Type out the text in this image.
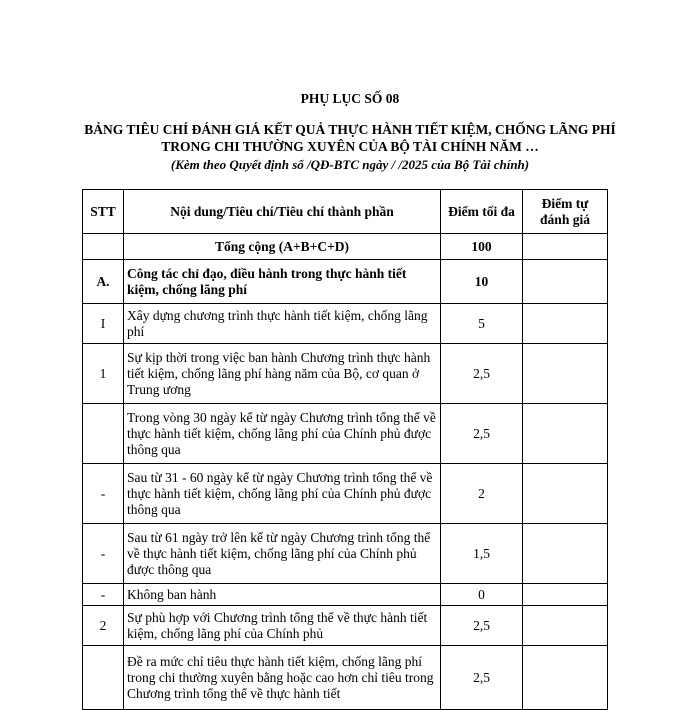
PHỤ LỤC SỐ 08
BẢNG TIÊU CHÍ ĐÁNH GIÁ KẾT QUẢ THỰC HÀNH TIẾT KIỆM, CHỐNG LÃNG PHÍ TRONG CHI THƯỜNG XUYÊN CỦA BỘ TÀI CHÍNH NĂM …
(Kèm theo Quyết định số /QĐ-BTC ngày / /2025 của Bộ Tài chính)
STT	Nội dung/Tiêu chí/Tiêu chí thành phần	Điểm tối đa	Điểm tự đánh giá
	Tổng cộng (A+B+C+D)	100	
A.	Công tác chỉ đạo, điều hành trong thực hành tiết kiệm, chống lãng phí	10	
I	Xây dựng chương trình thực hành tiết kiệm, chống lãng phí	5	
1	Sự kịp thời trong việc ban hành Chương trình thực hành tiết kiệm, chống lãng phí hàng năm của Bộ, cơ quan ở Trung ương	2,5	
	Trong vòng 30 ngày kể từ ngày Chương trình tổng thể về thực hành tiết kiệm, chống lãng phí của Chính phủ được thông qua	2,5	
-	Sau từ 31 - 60 ngày kể từ ngày Chương trình tổng thể về thực hành tiết kiệm, chống lãng phí của Chính phủ được thông qua	2	
-	Sau từ 61 ngày trở lên kể từ ngày Chương trình tổng thể về thực hành tiết kiệm, chống lãng phí của Chính phủ được thông qua	1,5	
-	Không ban hành	0	
2	Sự phù hợp với Chương trình tổng thể về thực hành tiết kiệm, chống lãng phí của Chính phủ	2,5	
	Đề ra mức chỉ tiêu thực hành tiết kiệm, chống lãng phí trong chi thường xuyên bằng hoặc cao hơn chỉ tiêu trong Chương trình tổng thể về thực hành tiết	2,5	
